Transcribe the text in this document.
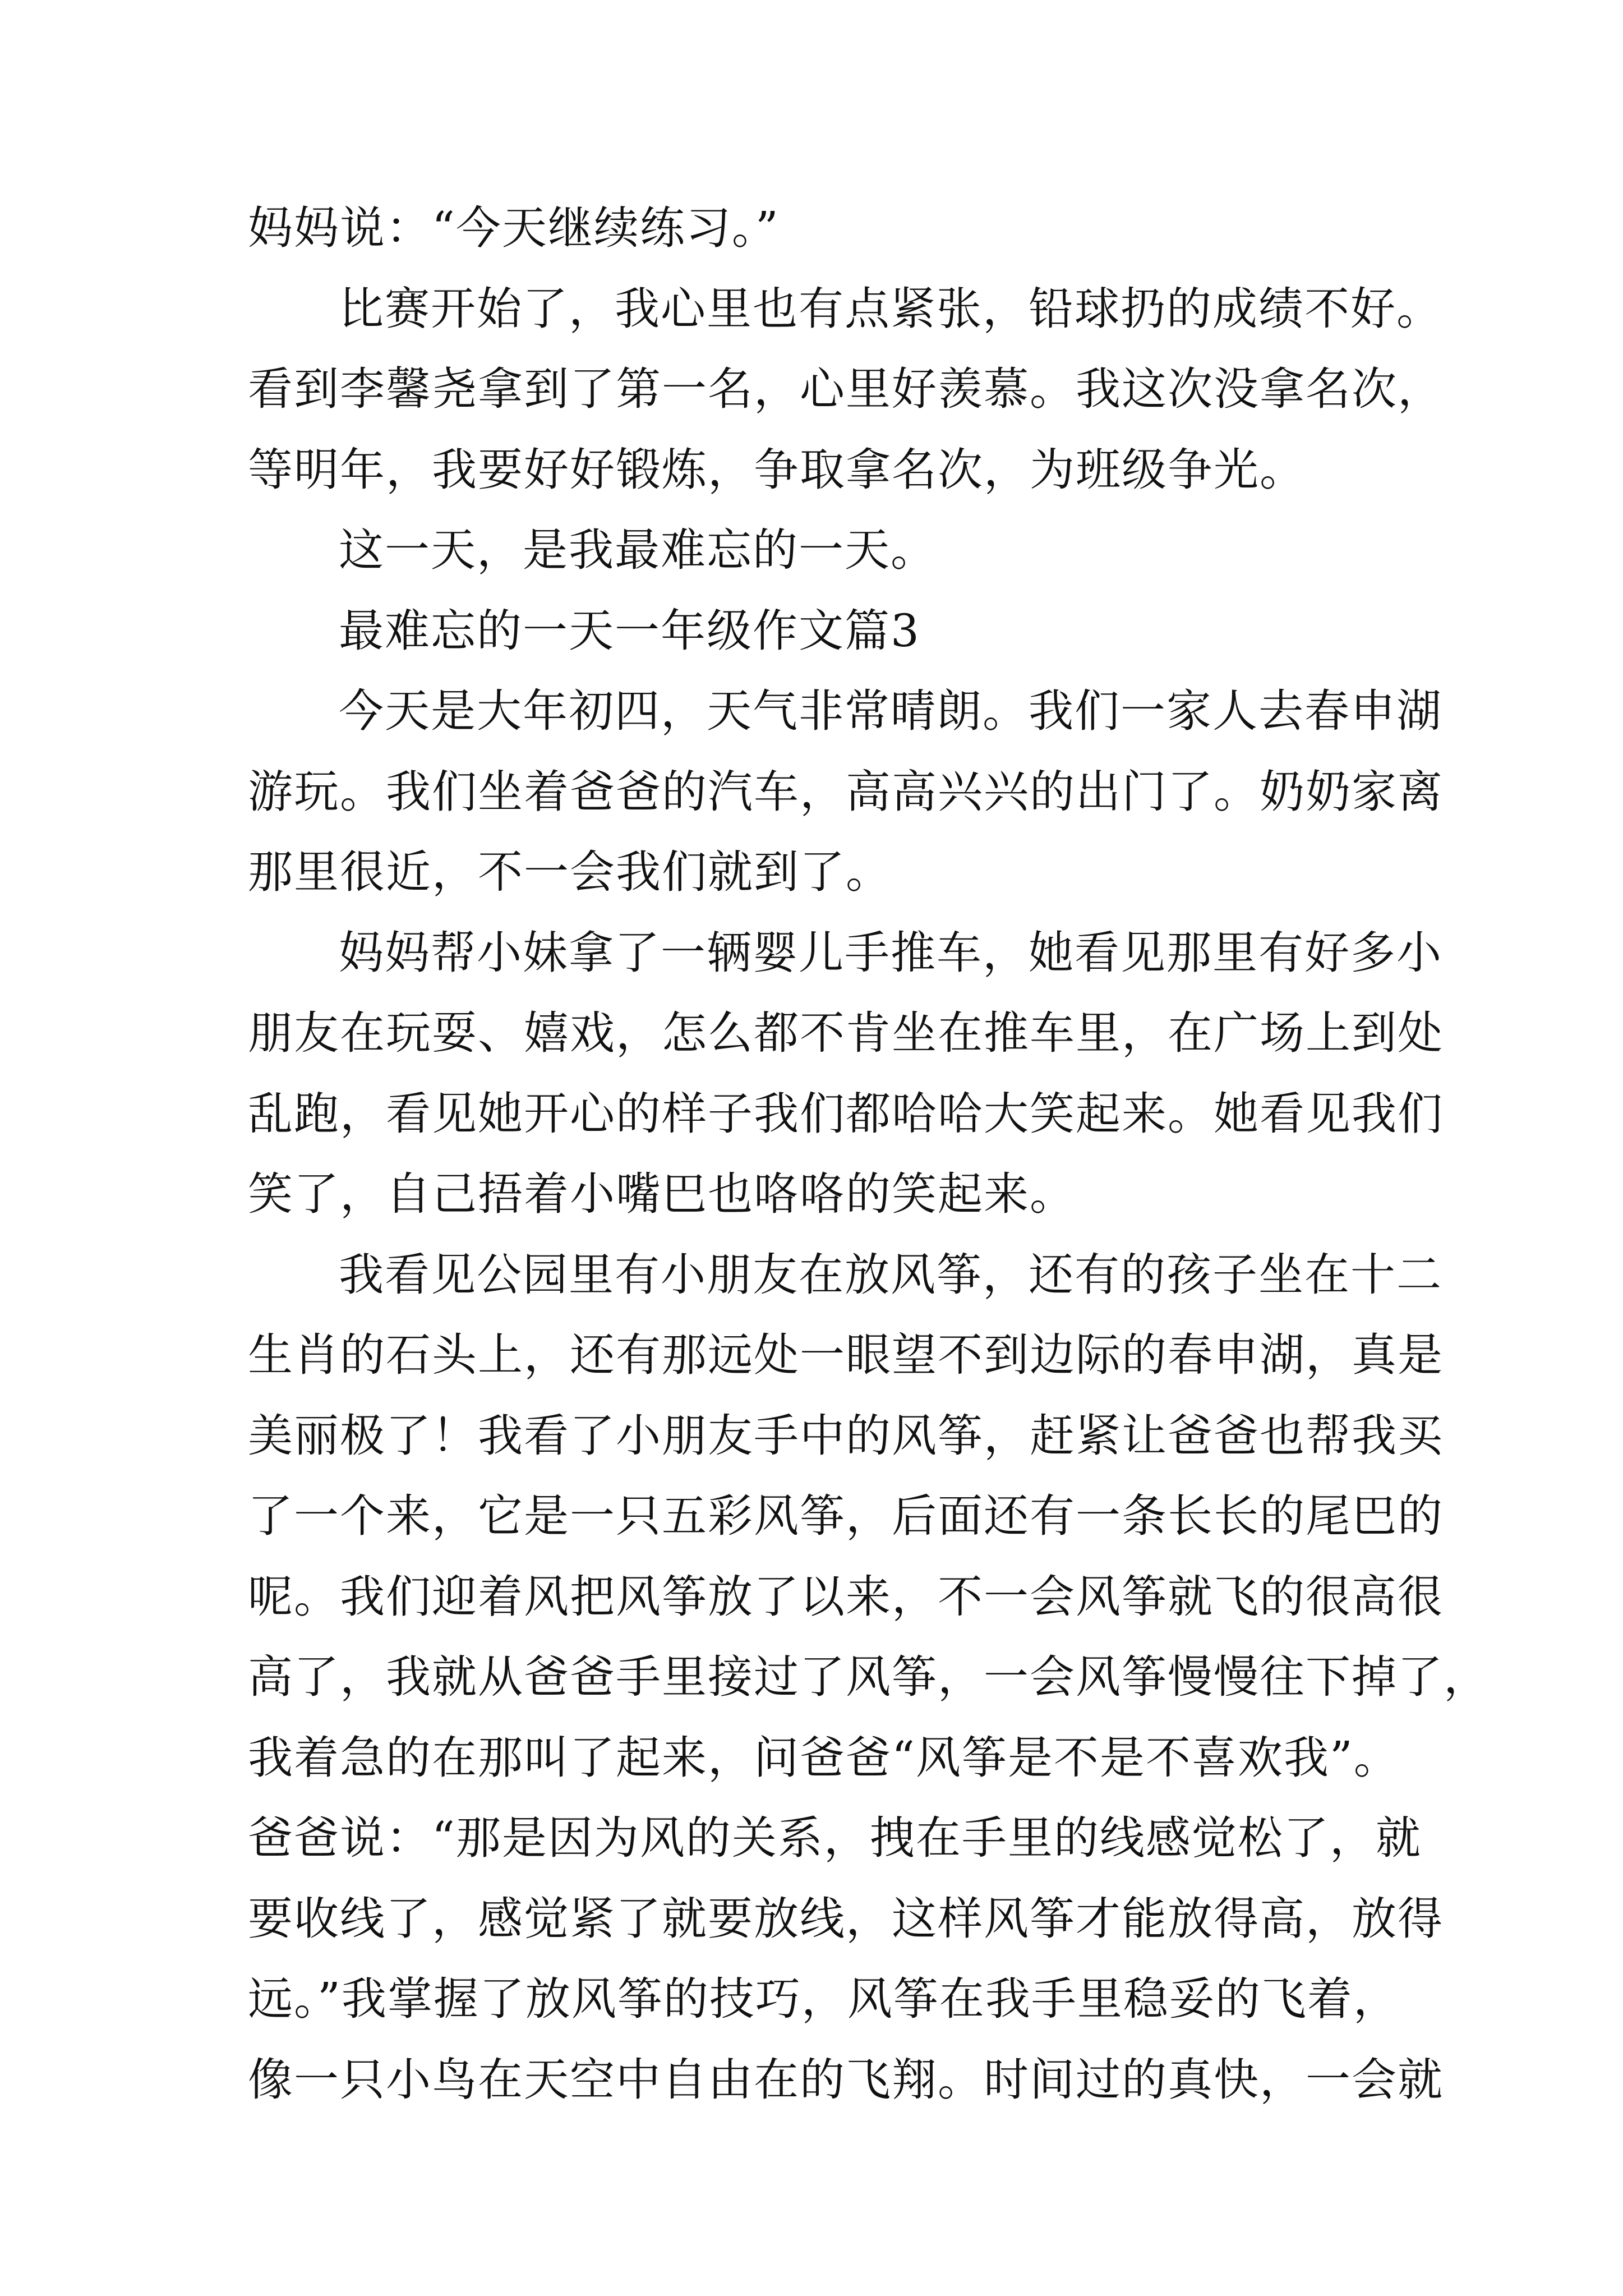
妈妈说：“今天继续练习。”
比赛开始了，我心里也有点紧张，铅球扔的成绩不好。
看到李馨尧拿到了第一名，心里好羡慕。我这次没拿名次，
等明年，我要好好锻炼，争取拿名次，为班级争光。
这一天，是我最难忘的一天。
最难忘的一天一年级作文篇3
今天是大年初四，天气非常晴朗。我们一家人去春申湖
游玩。我们坐着爸爸的汽车，高高兴兴的出门了。奶奶家离
那里很近，不一会我们就到了。
妈妈帮小妹拿了一辆婴儿手推车，她看见那里有好多小
朋友在玩耍、嬉戏，怎么都不肯坐在推车里，在广场上到处
乱跑，看见她开心的样子我们都哈哈大笑起来。她看见我们
笑了，自己捂着小嘴巴也咯咯的笑起来。
我看见公园里有小朋友在放风筝，还有的孩子坐在十二
生肖的石头上，还有那远处一眼望不到边际的春申湖，真是
美丽极了！我看了小朋友手中的风筝，赶紧让爸爸也帮我买
了一个来，它是一只五彩风筝，后面还有一条长长的尾巴的
呢。我们迎着风把风筝放了以来，不一会风筝就飞的很高很
高了，我就从爸爸手里接过了风筝，一会风筝慢慢往下掉了，
我着急的在那叫了起来，问爸爸“风筝是不是不喜欢我”。
爸爸说：“那是因为风的关系，拽在手里的线感觉松了，就
要收线了，感觉紧了就要放线，这样风筝才能放得高，放得
远。”我掌握了放风筝的技巧，风筝在我手里稳妥的飞着，
像一只小鸟在天空中自由在的飞翔。时间过的真快，一会就
